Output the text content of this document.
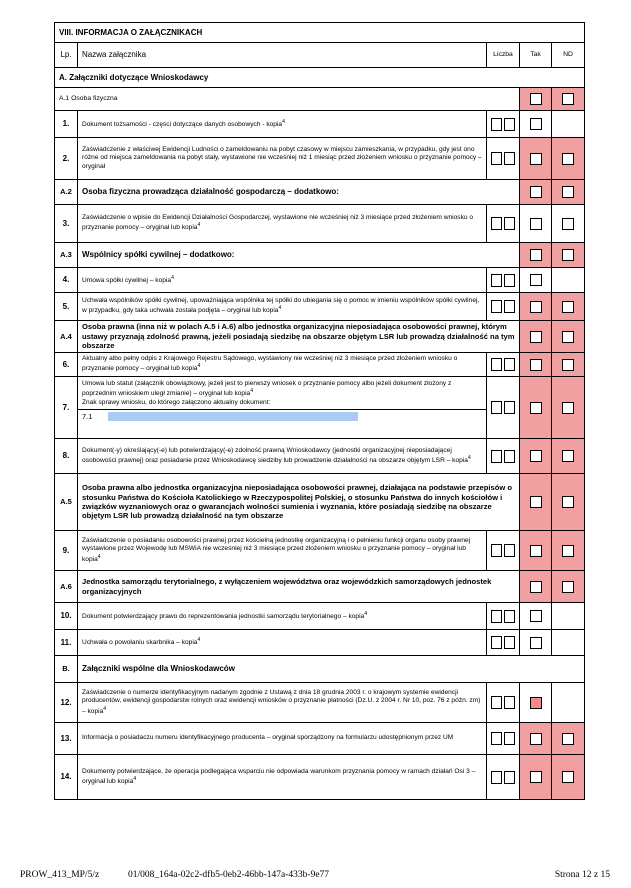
VIII. INFORMACJA O ZAŁĄCZNIKACH				
Lp.	Nazwa załącznika	Liczba	Tak	ND
A. Załączniki dotyczące Wnioskodawcy				
A.1 Osoba fizyczna				
1.	Dokument tożsamości - części dotyczące danych osobowych - kopia$^4$			
2.	Zaświadczenie z właściwej Ewidencji Ludności o zameldowaniu na pobyt czasowy w miejscu zamieszkania, w przypadku, gdy jest ono różne od miejsca zameldowania na pobyt stały, wystawione nie wcześniej niż 1 miesiąc przed złożeniem wniosku o przyznanie pomocy – oryginał			
A.2	Osoba fizyczna prowadząca działalność gospodarczą – dodatkowo:			
3.	Zaświadczenie o wpisie do Ewidencji Działalności Gospodarczej, wystawione nie wcześniej niż 3 miesiące przed złożeniem wniosku o przyznanie pomocy – oryginał lub kopia$^4$			
A.3	Wspólnicy spółki cywilnej – dodatkowo:			
4.	Umowa spółki cywilnej – kopia$^4$			
5.	Uchwała wspólników spółki cywilnej, upoważniająca wspólnika tej spółki do ubiegania się o pomoc w imieniu wspólników spółki cywilnej, w przypadku, gdy taka uchwała została podjęta – oryginał lub kopia$^4$			
A.4	Osoba prawna (inna niż w polach A.5 i A.6) albo jednostka organizacyjna nieposiadająca osobowości prawnej, którym ustawy przyznają zdolność prawną, jeżeli posiadają siedzibę na obszarze objętym LSR lub prowadzą działalność na tym obszarze			
6.	Aktualny albo pełny odpis z Krajowego Rejestru Sądowego, wystawiony nie wcześniej niż 3 miesiące przed złożeniem wniosku o przyznanie pomocy – oryginał lub kopia$^4$			
7.	Umowa lub statut (załącznik obowiązkowy, jeżeli jest to pierwszy wniosek o przyznanie pomocy albo jeżeli dokument złożony z poprzednim wnioskiem uległ zmianie) – oryginał lub kopia$^4$
Znak sprawy wniosku, do którego załączono aktualny dokument:
7.1			

8.	Dokument(-y) określający(-e) lub potwierdzający(-e) zdolność prawną Wnioskodawcy (jednostki organizacyjnej nieposiadającej osobowości prawnej) oraz posiadanie przez Wnioskodawcę siedziby lub prowadzenie działalności na obszarze objętym LSR – kopia$^4$			
A.5	Osoba prawna albo jednostka organizacyjna nieposiadająca osobowości prawnej, działająca na podstawie przepisów o stosunku Państwa do Kościoła Katolickiego w Rzeczypospolitej Polskiej, o stosunku Państwa do innych kościołów i związków wyznaniowych oraz o gwarancjach wolności sumienia i wyznania, które posiadają siedzibę na obszarze objętym LSR lub prowadzą działalność na tym obszarze			
9.	Zaświadczenie o posiadaniu osobowości prawnej przez kościelną jednostkę organizacyjną i o pełnieniu funkcji organu osoby prawnej wystawione przez Wojewodę lub MSWiA nie wcześniej niż 3 miesiące przed złożeniem wniosku o przyznanie pomocy – oryginał lub kopia$^4$			
A.6	Jednostka samorządu terytorialnego, z wyłączeniem województwa oraz wojewódzkich samorządowych jednostek organizacyjnych			
10.	Dokument potwierdzający prawo do reprezentowania jednostki samorządu terytorialnego – kopia$^4$			
11.	Uchwała o powołaniu skarbnika – kopia$^4$			
B.	Załączniki wspólne dla Wnioskodawców			
12.	Zaświadczenie o numerze identyfikacyjnym nadanym zgodnie z Ustawą z dnia 18 grudnia 2003 r. o krajowym systemie ewidencji producentów, ewidencji gospodarstw rolnych oraz ewidencji wniosków o przyznanie płatności (Dz.U. z 2004 r. Nr 10, poz. 76 z późn. zm) – kopia$^4$			
13.	Informacja o posiadaczu numeru identyfikacyjnego producenta – oryginał sporządzony na formularzu udostępnionym przez UM			
14.	Dokumenty potwierdzające, że operacja podlegająca wsparciu nie odpowiada warunkom przyznania pomocy w ramach działań Osi 3 – oryginał lub kopia$^4$			
PROW_413_MP/5/z	01/008_164a-02c2-dfb5-0eb2-46bb-147a-433b-9e77	Strona 12 z 15
